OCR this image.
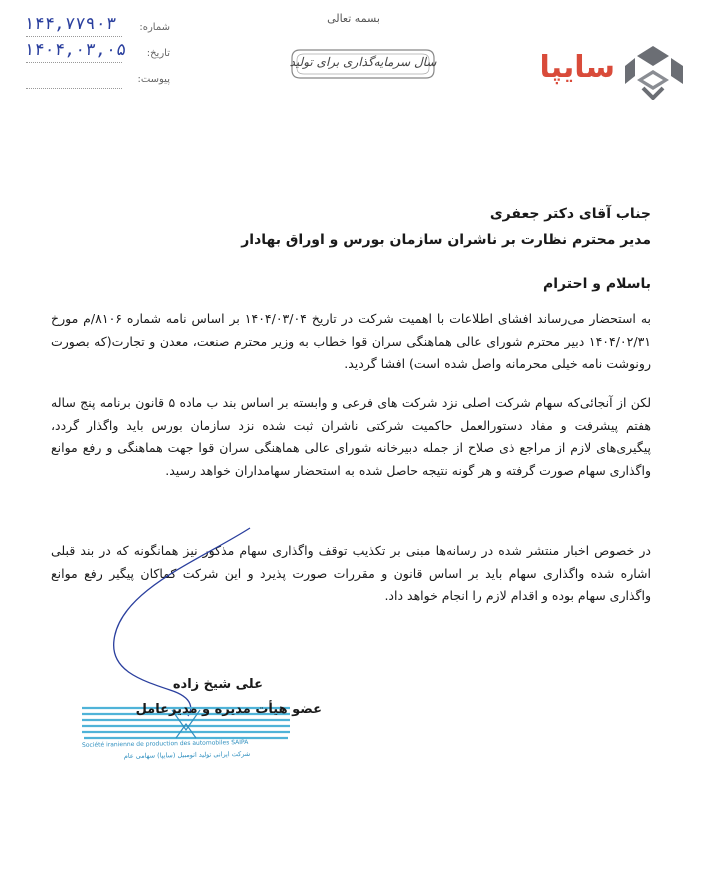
بسمه تعالی
سال سرمایه‌گذاری برای تولید	سایپا
۱۴۴,۷۷۹۰۳ شماره:
۱۴۰۴,۰۳,۰۵ تاریخ:
پیوست:
جناب آقای دکتر جعفری
مدیر محترم نظارت بر ناشران سازمان بورس و اوراق بهادار
باسلام و احترام
به استحضار می‌رساند افشای اطلاعات با اهمیت شرکت در تاریخ ۱۴۰۴/۰۳/۰۴ بر اساس نامه شماره ۸۱۰۶/م مورخ ۱۴۰۴/۰۲/۳۱ دبیر محترم شورای عالی هماهنگی سران قوا خطاب به وزیر محترم صنعت، معدن و تجارت(که بصورت رونوشت نامه خیلی محرمانه واصل شده است) افشا گردید.
لکن از آنجائی‌که سهام شرکت اصلی نزد شرکت های فرعی و وابسته بر اساس بند ب ماده ۵ قانون برنامه پنج ساله هفتم پیشرفت و مفاد دستورالعمل حاکمیت شرکتی ناشران ثبت شده نزد سازمان بورس باید واگذار گردد، پیگیری‌های لازم از مراجع ذی صلاح از جمله دبیرخانه شورای عالی هماهنگی سران قوا جهت هماهنگی و رفع موانع واگذاری سهام صورت گرفته و هر گونه نتیجه حاصل شده به استحضار سهامداران خواهد رسید.
در خصوص اخبار منتشر شده در رسانه‌ها مبنی بر تکذیب توقف واگذاری سهام مذکور نیز همانگونه که در بند قبلی اشاره شده واگذاری سهام باید بر اساس قانون و مقررات صورت پذیرد و این شرکت کماکان پیگیر رفع موانع واگذاری سهام بوده و اقدام لازم را انجام خواهد داد.
Société iranienne de production des automobiles SAIPA
شرکت ایرانی تولید اتومبیل (سایپا) سهامی عام
علی شیخ زاده
عضو هیأت مدیره و مدیرعامل
